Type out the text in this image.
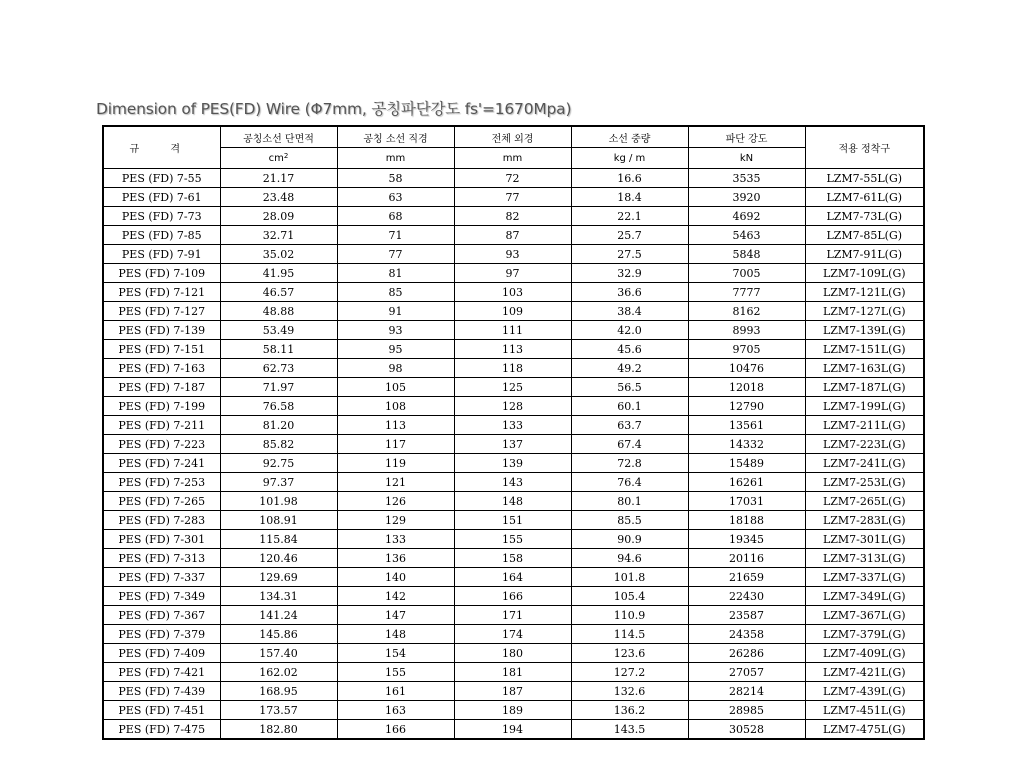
Dimension of PES(FD) Wire (Φ7mm, 공칭파단강도 fs'=1670Mpa)
규 격	공칭소선 단면적	공칭 소선 직경	전체 외경	소선 중량	파단 강도	적용 정착구
	$cm^2$	mm	mm	kg / m	kN	
PES (FD) 7-55	21.17	58	72	16.6	3535	LZM7-55L(G)
PES (FD) 7-61	23.48	63	77	18.4	3920	LZM7-61L(G)
PES (FD) 7-73	28.09	68	82	22.1	4692	LZM7-73L(G)
PES (FD) 7-85	32.71	71	87	25.7	5463	LZM7-85L(G)
PES (FD) 7-91	35.02	77	93	27.5	5848	LZM7-91L(G)
PES (FD) 7-109	41.95	81	97	32.9	7005	LZM7-109L(G)
PES (FD) 7-121	46.57	85	103	36.6	7777	LZM7-121L(G)
PES (FD) 7-127	48.88	91	109	38.4	8162	LZM7-127L(G)
PES (FD) 7-139	53.49	93	111	42.0	8993	LZM7-139L(G)
PES (FD) 7-151	58.11	95	113	45.6	9705	LZM7-151L(G)
PES (FD) 7-163	62.73	98	118	49.2	10476	LZM7-163L(G)
PES (FD) 7-187	71.97	105	125	56.5	12018	LZM7-187L(G)
PES (FD) 7-199	76.58	108	128	60.1	12790	LZM7-199L(G)
PES (FD) 7-211	81.20	113	133	63.7	13561	LZM7-211L(G)
PES (FD) 7-223	85.82	117	137	67.4	14332	LZM7-223L(G)
PES (FD) 7-241	92.75	119	139	72.8	15489	LZM7-241L(G)
PES (FD) 7-253	97.37	121	143	76.4	16261	LZM7-253L(G)
PES (FD) 7-265	101.98	126	148	80.1	17031	LZM7-265L(G)
PES (FD) 7-283	108.91	129	151	85.5	18188	LZM7-283L(G)
PES (FD) 7-301	115.84	133	155	90.9	19345	LZM7-301L(G)
PES (FD) 7-313	120.46	136	158	94.6	20116	LZM7-313L(G)
PES (FD) 7-337	129.69	140	164	101.8	21659	LZM7-337L(G)
PES (FD) 7-349	134.31	142	166	105.4	22430	LZM7-349L(G)
PES (FD) 7-367	141.24	147	171	110.9	23587	LZM7-367L(G)
PES (FD) 7-379	145.86	148	174	114.5	24358	LZM7-379L(G)
PES (FD) 7-409	157.40	154	180	123.6	26286	LZM7-409L(G)
PES (FD) 7-421	162.02	155	181	127.2	27057	LZM7-421L(G)
PES (FD) 7-439	168.95	161	187	132.6	28214	LZM7-439L(G)
PES (FD) 7-451	173.57	163	189	136.2	28985	LZM7-451L(G)
PES (FD) 7-475	182.80	166	194	143.5	30528	LZM7-475L(G)
